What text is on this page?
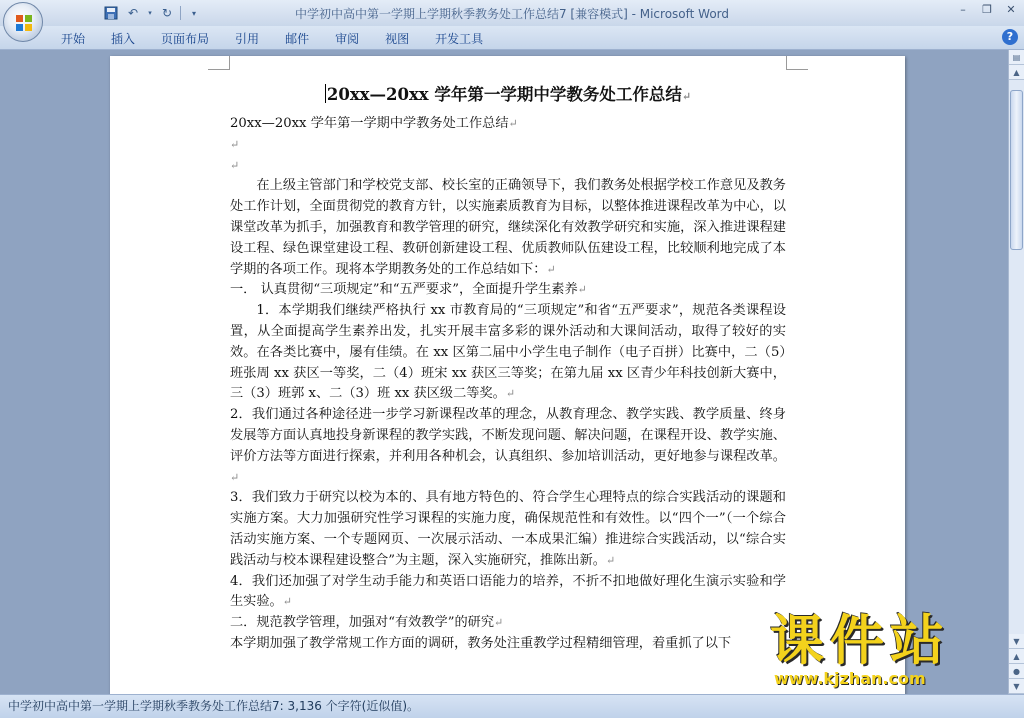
↶	▾ ↻	▾	中学初中高中第一学期上学期秋季教务处工作总结7 [兼容模式] - Microsoft Word	–	❐	✕
开始	插入	页面布局	引用	邮件	审阅	视图	开发工具	?
20xx—20xx 学年第一学期中学教务处工作总结↵
20xx—20xx 学年第一学期中学教务处工作总结↵
↵
↵
在上级主管部门和学校党支部、校长室的正确领导下，我们教务处根据学校工作意见及教务处工作计划，全面贯彻党的教育方针，以实施素质教育为目标，以整体推进课程改革为中心，以课堂改革为抓手，加强教育和教学管理的研究，继续深化有效教学研究和实施，深入推进课程建设工程、绿色课堂建设工程、教研创新建设工程、优质教师队伍建设工程，比较顺利地完成了本学期的各项工作。现将本学期教务处的工作总结如下：↵
一． 认真贯彻“三项规定”和“五严要求”，全面提升学生素养↵
1．本学期我们继续严格执行 xx 市教育局的“三项规定”和省“五严要求”，规范各类课程设置，从全面提高学生素养出发，扎实开展丰富多彩的课外活动和大课间活动，取得了较好的实效。在各类比赛中，屡有佳绩。在 xx 区第二届中小学生电子制作（电子百拼）比赛中，二（5）班张周 xx 获区一等奖，二（4）班宋 xx 获区三等奖；在第九届 xx 区青少年科技创新大赛中，三（3）班郭 x、二（3）班 xx 获区级二等奖。↵
2．我们通过各种途径进一步学习新课程改革的理念，从教育理念、教学实践、教学质量、终身发展等方面认真地投身新课程的教学实践，不断发现问题、解决问题，在课程开设、教学实施、评价方法等方面进行探索，并利用各种机会，认真组织、参加培训活动，更好地参与课程改革。↵
3．我们致力于研究以校为本的、具有地方特色的、符合学生心理特点的综合实践活动的课题和实施方案。大力加强研究性学习课程的实施力度，确保规范性和有效性。以“四个一”（一个综合活动实施方案、一个专题网页、一次展示活动、一本成果汇编）推进综合实践活动，以“综合实践活动与校本课程建设整合”为主题，深入实施研究，推陈出新。↵
4．我们还加强了对学生动手能力和英语口语能力的培养，不折不扣地做好理化生演示实验和学生实验。↵
二．规范教学管理，加强对“有效教学”的研究↵
本学期加强了教学常规工作方面的调研，教务处注重教学过程精细管理，着重抓了以下
▤
▲
▼
▲
●
▼
中学初中高中第一学期上学期秋季教务处工作总结7: 3,136 个字符(近似值)。
课件站
www.kjzhan.com
